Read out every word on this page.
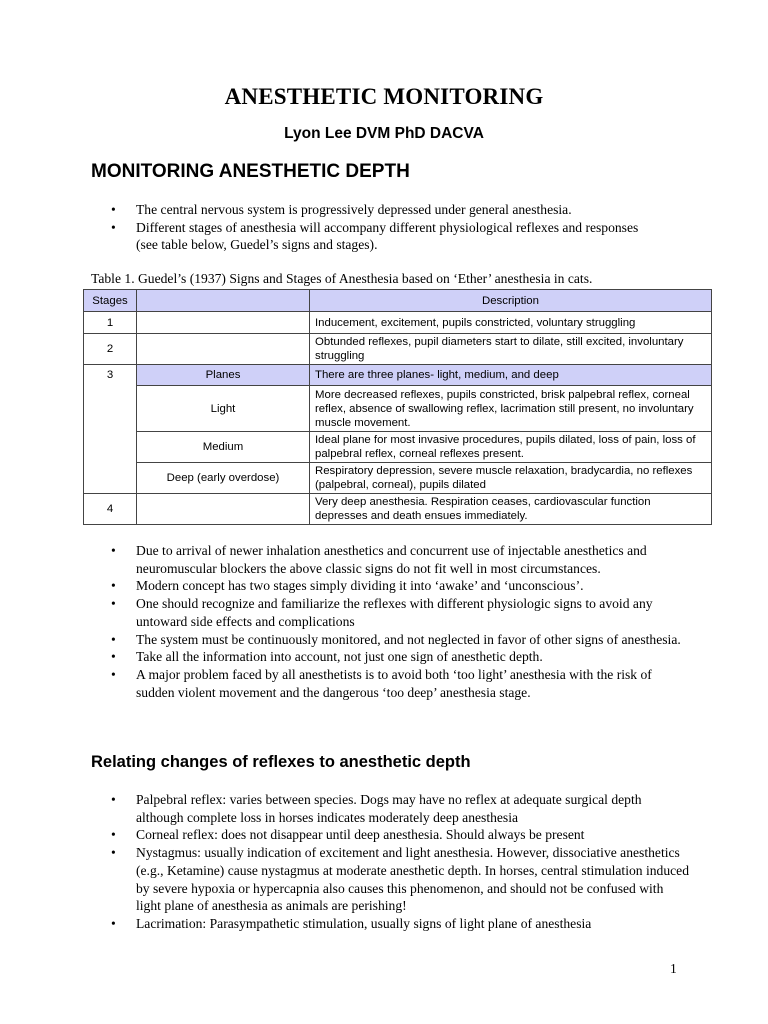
ANESTHETIC MONITORING
Lyon Lee DVM PhD DACVA
MONITORING ANESTHETIC DEPTH
• The central nervous system is progressively depressed under general anesthesia.
• Different stages of anesthesia will accompany different physiological reflexes and responses (see table below, Guedel’s signs and stages).
Table 1. Guedel’s (1937) Signs and Stages of Anesthesia based on ‘Ether’ anesthesia in cats.
Stages		Description
1		Inducement, excitement, pupils constricted, voluntary struggling
2		Obtunded reflexes, pupil diameters start to dilate, still excited, involuntary struggling
3	Planes	There are three planes- light, medium, and deep
	Light	More decreased reflexes, pupils constricted, brisk palpebral reflex, corneal reflex, absence of swallowing reflex, lacrimation still present, no involuntary muscle movement.
	Medium	Ideal plane for most invasive procedures, pupils dilated, loss of pain, loss of palpebral reflex, corneal reflexes present.
	Deep (early overdose)	Respiratory depression, severe muscle relaxation, bradycardia, no reflexes (palpebral, corneal), pupils dilated
4		Very deep anesthesia. Respiration ceases, cardiovascular function depresses and death ensues immediately.
• Due to arrival of newer inhalation anesthetics and concurrent use of injectable anesthetics and neuromuscular blockers the above classic signs do not fit well in most circumstances.
• Modern concept has two stages simply dividing it into ‘awake’ and ‘unconscious’.
• One should recognize and familiarize the reflexes with different physiologic signs to avoid any untoward side effects and complications
• The system must be continuously monitored, and not neglected in favor of other signs of anesthesia.
• Take all the information into account, not just one sign of anesthetic depth.
• A major problem faced by all anesthetists is to avoid both ‘too light’ anesthesia with the risk of sudden violent movement and the dangerous ‘too deep’ anesthesia stage.
Relating changes of reflexes to anesthetic depth
• Palpebral reflex: varies between species. Dogs may have no reflex at adequate surgical depth although complete loss in horses indicates moderately deep anesthesia
• Corneal reflex: does not disappear until deep anesthesia. Should always be present
• Nystagmus: usually indication of excitement and light anesthesia. However, dissociative anesthetics (e.g., Ketamine) cause nystagmus at moderate anesthetic depth. In horses, central stimulation induced by severe hypoxia or hypercapnia also causes this phenomenon, and should not be confused with light plane of anesthesia as animals are perishing!
• Lacrimation: Parasympathetic stimulation, usually signs of light plane of anesthesia
1
